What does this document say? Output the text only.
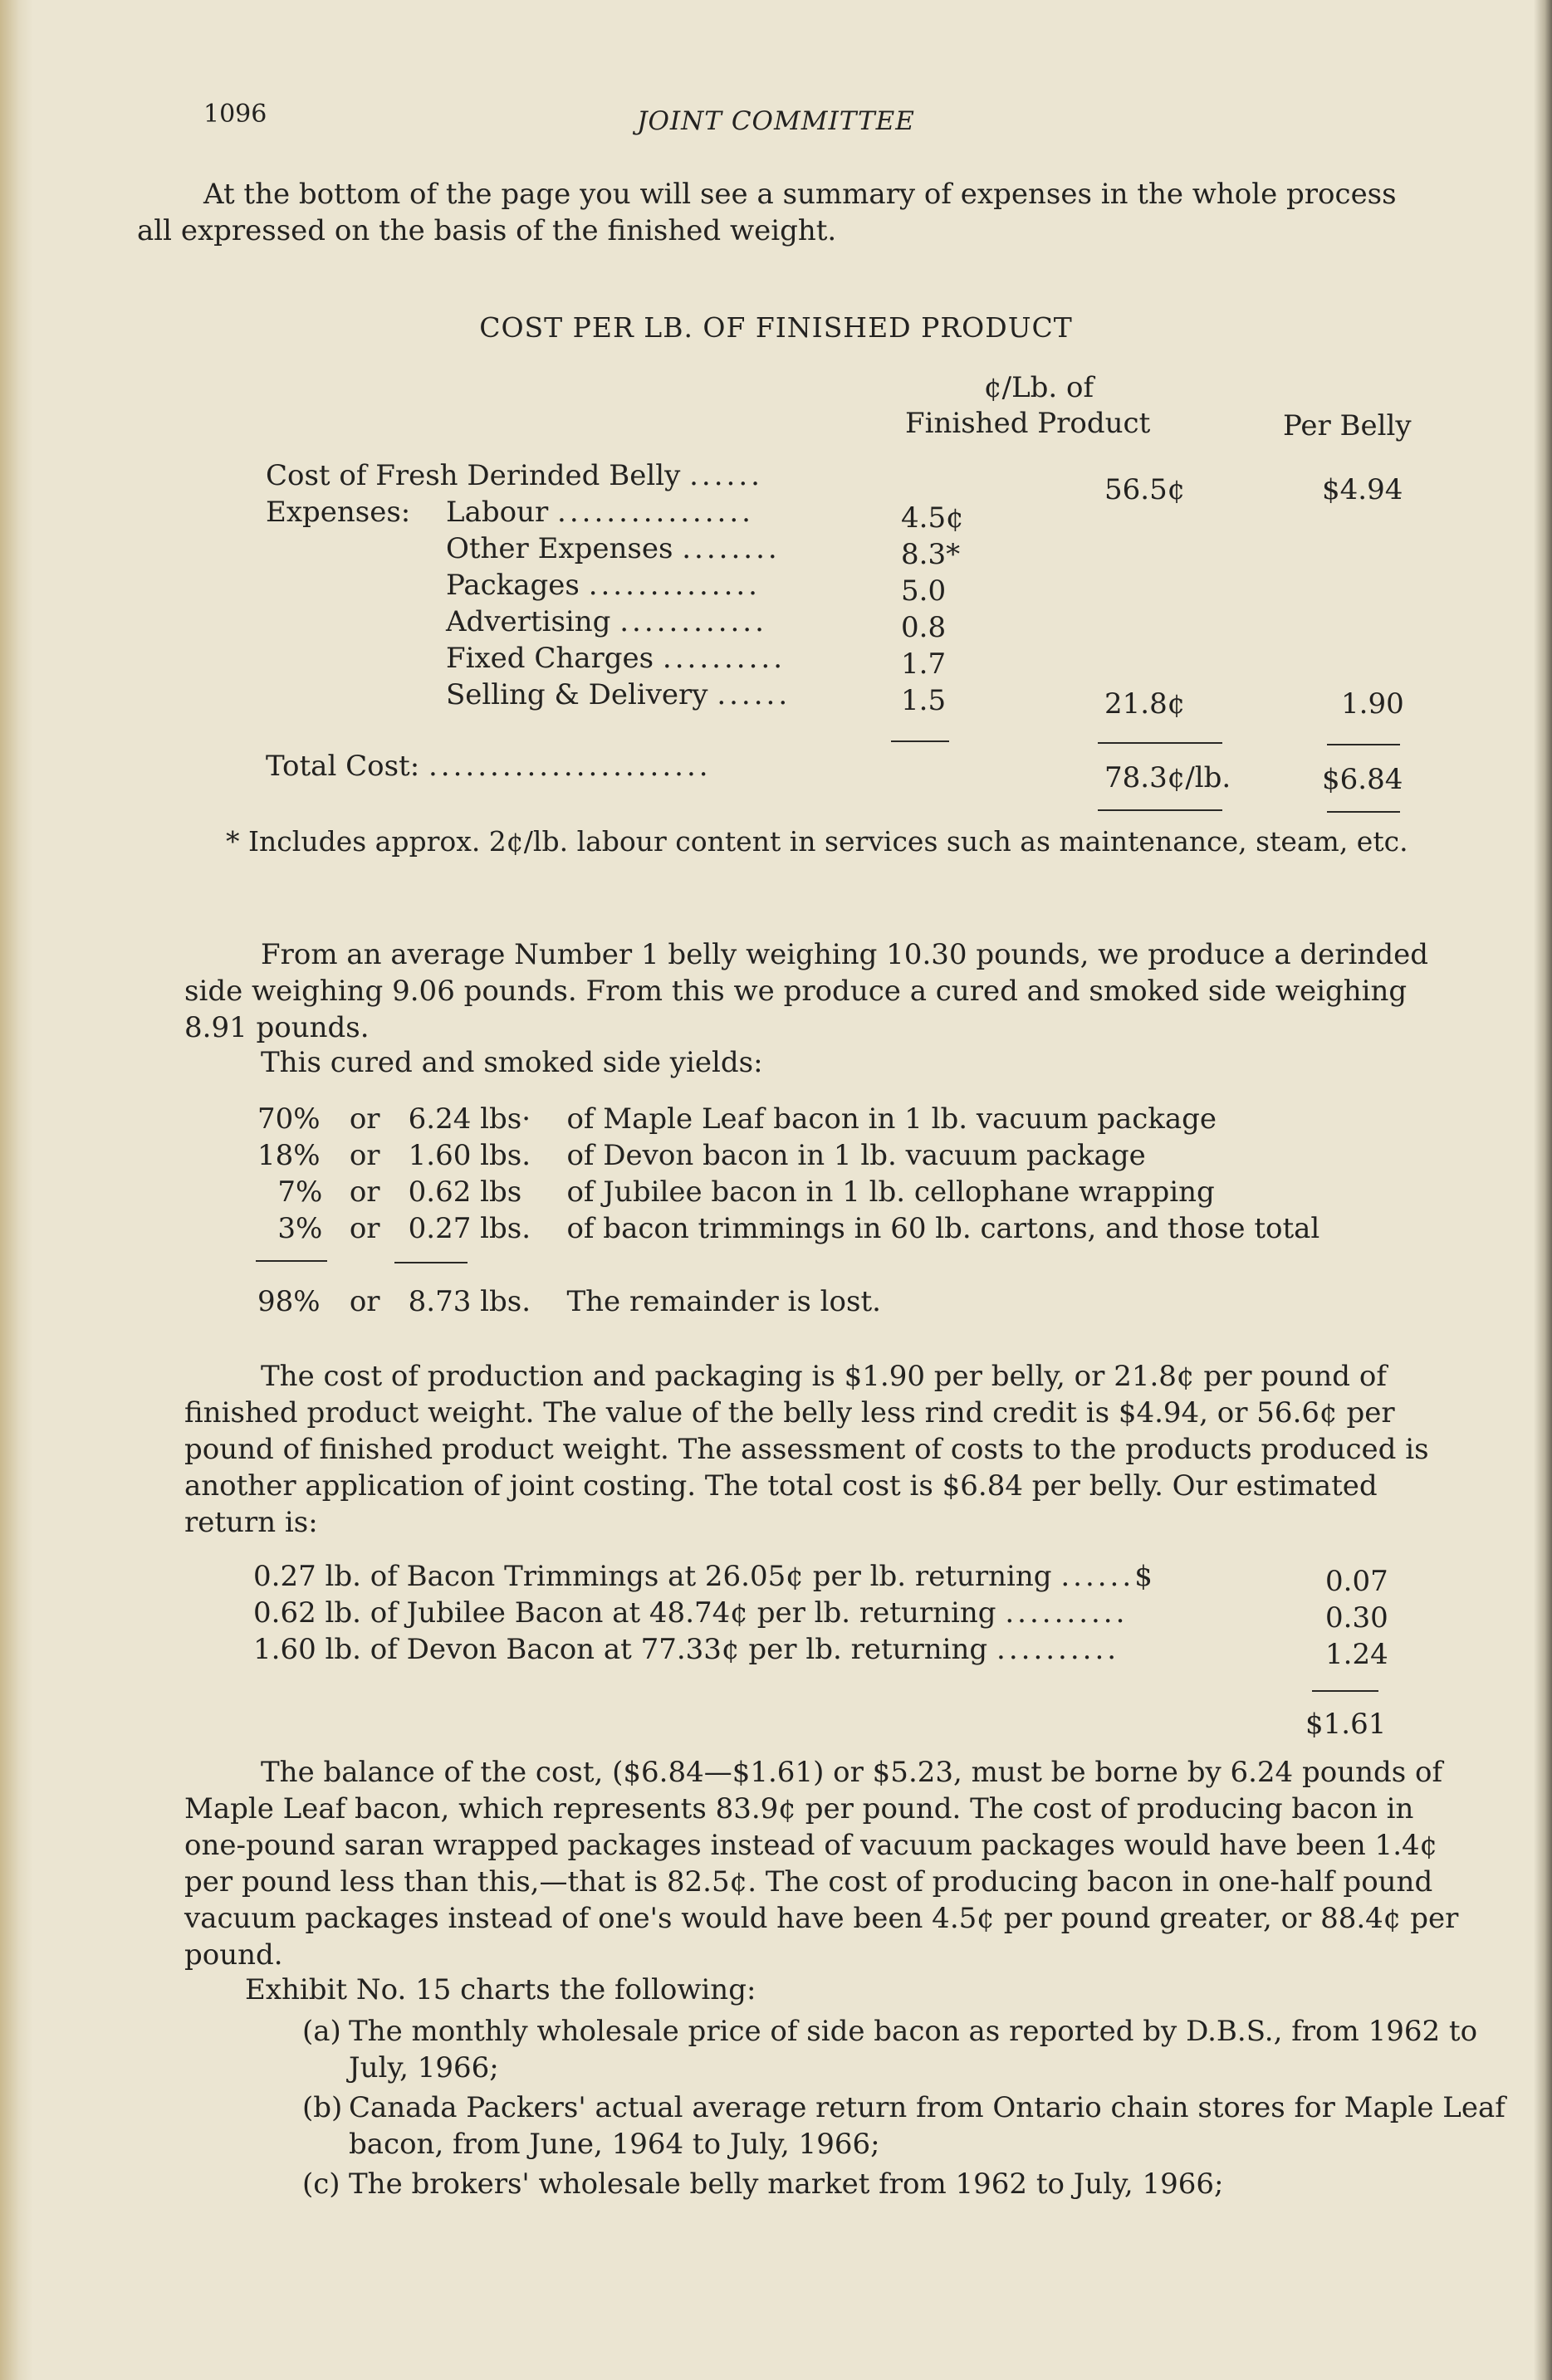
1096	JOINT COMMITTEE
At the bottom of the page you will see a summary of expenses in the whole process all expressed on the basis of the finished weight.
COST PER LB. OF FINISHED PRODUCT
¢/Lb. of
Finished Product	Per Belly
Cost of Fresh Derinded Belly ......	56.5¢	$4.94
Expenses: Labour ................	4.5¢
Other Expenses ........	8.3*
Packages ..............	5.0
Advertising ............	0.8
Fixed Charges ..........	1.7
Selling & Delivery ......	1.5	21.8¢	1.90
Total Cost: .......................	78.3¢/lb.	$6.84
* Includes approx. 2¢/lb. labour content in services such as maintenance, steam, etc.
From an average Number 1 belly weighing 10.30 pounds, we produce a derinded side weighing 9.06 pounds. From this we produce a cured and smoked side weighing 8.91 pounds.
This cured and smoked side yields:
70% or 6.24 lbs· of Maple Leaf bacon in 1 lb. vacuum package
18% or 1.60 lbs. of Devon bacon in 1 lb. vacuum package
7% or 0.62 lbs of Jubilee bacon in 1 lb. cellophane wrapping
3% or 0.27 lbs. of bacon trimmings in 60 lb. cartons, and those total
98% or 8.73 lbs. The remainder is lost.
The cost of production and packaging is $1.90 per belly, or 21.8¢ per pound of finished product weight. The value of the belly less rind credit is $4.94, or 56.6¢ per pound of finished product weight. The assessment of costs to the products produced is another application of joint costing. The total cost is $6.84 per belly. Our estimated return is:
0.27 lb. of Bacon Trimmings at 26.05¢ per lb. returning ......$	0.07
0.62 lb. of Jubilee Bacon at 48.74¢ per lb. returning ..........	0.30
1.60 lb. of Devon Bacon at 77.33¢ per lb. returning ..........	1.24
$1.61
The balance of the cost, ($6.84—$1.61) or $5.23, must be borne by 6.24 pounds of Maple Leaf bacon, which represents 83.9¢ per pound. The cost of producing bacon in one-pound saran wrapped packages instead of vacuum packages would have been 1.4¢ per pound less than this,—that is 82.5¢. The cost of producing bacon in one-half pound vacuum packages instead of one's would have been 4.5¢ per pound greater, or 88.4¢ per pound.
Exhibit No. 15 charts the following:
(a) The monthly wholesale price of side bacon as reported by D.B.S., from 1962 to July, 1966;
(b) Canada Packers' actual average return from Ontario chain stores for Maple Leaf bacon, from June, 1964 to July, 1966;
(c) The brokers' wholesale belly market from 1962 to July, 1966;
